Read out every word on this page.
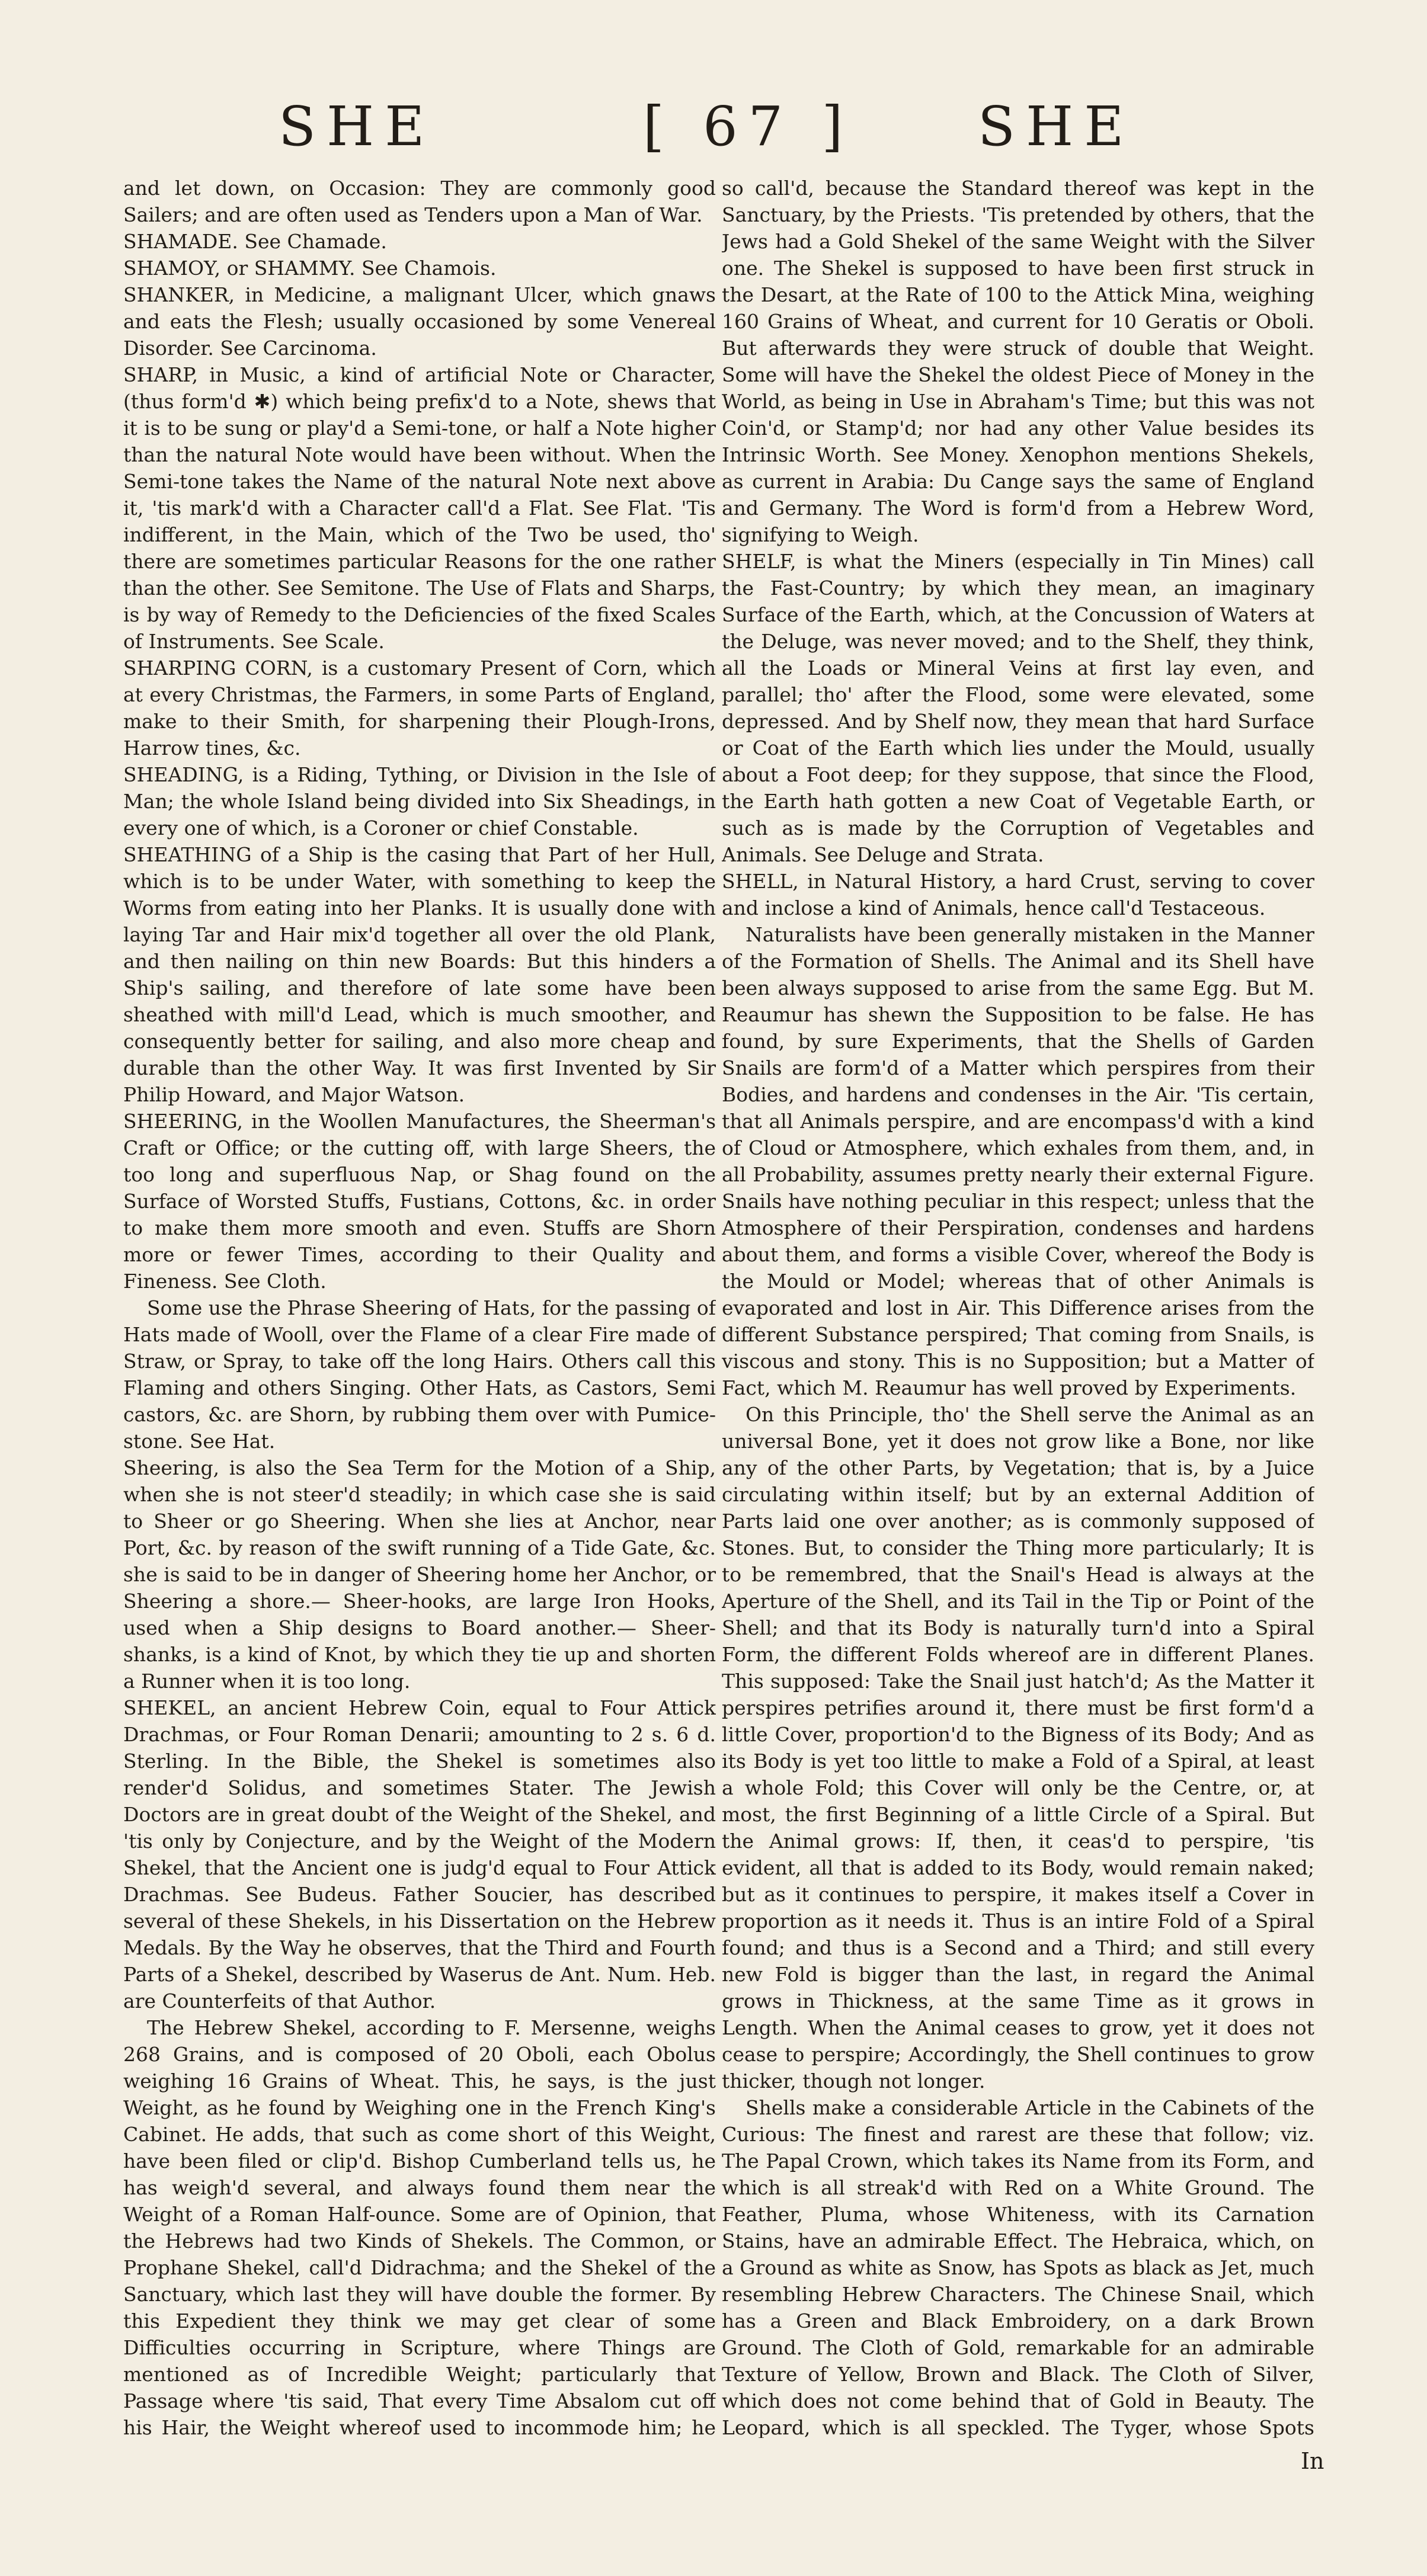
SHE	[ 67 ] SHE

and let down, on Occasion: They are commonly good Sailers; and are often used as Tenders upon a Man of War.

SHAMADE. See Chamade.

SHAMOY, or SHAMMY. See Chamois.

SHANKER, in Medicine, a malignant Ulcer, which gnaws and eats the Flesh; usually occasioned by some Venereal Disorder. See Carcinoma.

SHARP, in Music, a kind of artificial Note or Character, (thus form'd ✱) which being prefix'd to a Note, shews that it is to be sung or play'd a Semi-tone, or half a Note higher than the natural Note would have been without. When the Semi-tone takes the Name of the natural Note next above it, 'tis mark'd with a Character call'd a Flat. See Flat. 'Tis indifferent, in the Main, which of the Two be used, tho' there are sometimes particular Reasons for the one rather than the other. See Semitone. The Use of Flats and Sharps, is by way of Remedy to the Deficiencies of the fixed Scales of Instruments. See Scale.

SHARPING CORN, is a customary Present of Corn, which at every Christmas, the Farmers, in some Parts of England, make to their Smith, for sharpening their Plough-Irons, Harrow tines, &c.

SHEADING, is a Riding, Tything, or Division in the Isle of Man; the whole Island being divided into Six Sheadings, in every one of which, is a Coroner or chief Constable.

SHEATHING of a Ship is the casing that Part of her Hull, which is to be under Water, with something to keep the Worms from eating into her Planks. It is usually done with laying Tar and Hair mix'd together all over the old Plank, and then nailing on thin new Boards: But this hinders a Ship's sailing, and therefore of late some have been sheathed with mill'd Lead, which is much smoother, and consequently better for sailing, and also more cheap and durable than the other Way. It was first Invented by Sir Philip Howard, and Major Watson.

SHEERING, in the Woollen Manufactures, the Sheerman's Craft or Office; or the cutting off, with large Sheers, the too long and superfluous Nap, or Shag found on the Surface of Worsted Stuffs, Fustians, Cottons, &c. in order to make them more smooth and even. Stuffs are Shorn more or fewer Times, according to their Quality and Fineness. See Cloth.

Some use the Phrase Sheering of Hats, for the passing of Hats made of Wooll, over the Flame of a clear Fire made of Straw, or Spray, to take off the long Hairs. Others call this Flaming and others Singing. Other Hats, as Castors, Semi castors, &c. are Shorn, by rubbing them over with Pumice-stone. See Hat.

Sheering, is also the Sea Term for the Motion of a Ship, when she is not steer'd steadily; in which case she is said to Sheer or go Sheering. When she lies at Anchor, near Port, &c. by reason of the swift running of a Tide Gate, &c. she is said to be in danger of Sheering home her Anchor, or Sheering a shore.— Sheer-hooks, are large Iron Hooks, used when a Ship designs to Board another.— Sheer-shanks, is a kind of Knot, by which they tie up and shorten a Runner when it is too long.

SHEKEL, an ancient Hebrew Coin, equal to Four Attick Drachmas, or Four Roman Denarii; amounting to 2 s. 6 d. Sterling. In the Bible, the Shekel is sometimes also render'd Solidus, and sometimes Stater. The Jewish Doctors are in great doubt of the Weight of the Shekel, and 'tis only by Conjecture, and by the Weight of the Modern Shekel, that the Ancient one is judg'd equal to Four Attick Drachmas. See Budeus. Father Soucier, has described several of these Shekels, in his Dissertation on the Hebrew Medals. By the Way he observes, that the Third and Fourth Parts of a Shekel, described by Waserus de Ant. Num. Heb. are Counterfeits of that Author.

The Hebrew Shekel, according to F. Mersenne, weighs 268 Grains, and is composed of 20 Oboli, each Obolus weighing 16 Grains of Wheat. This, he says, is the just Weight, as he found by Weighing one in the French King's Cabinet. He adds, that such as come short of this Weight, have been filed or clip'd. Bishop Cumberland tells us, he has weigh'd several, and always found them near the Weight of a Roman Half-ounce. Some are of Opinion, that the Hebrews had two Kinds of Shekels. The Common, or Prophane Shekel, call'd Didrachma; and the Shekel of the Sanctuary, which last they will have double the former. By this Expedient they think we may get clear of some Difficulties occurring in Scripture, where Things are mentioned as of Incredible Weight; particularly that Passage where 'tis said, That every Time Absalom cut off his Hair, the Weight whereof used to incommode him; he

so call'd, because the Standard thereof was kept in the Sanctuary, by the Priests. 'Tis pretended by others, that the Jews had a Gold Shekel of the same Weight with the Silver one. The Shekel is supposed to have been first struck in the Desart, at the Rate of 100 to the Attick Mina, weighing 160 Grains of Wheat, and current for 10 Geratis or Oboli. But afterwards they were struck of double that Weight. Some will have the Shekel the oldest Piece of Money in the World, as being in Use in Abraham's Time; but this was not Coin'd, or Stamp'd; nor had any other Value besides its Intrinsic Worth. See Money. Xenophon mentions Shekels, as current in Arabia: Du Cange says the same of England and Germany. The Word is form'd from a Hebrew Word, signifying to Weigh.

SHELF, is what the Miners (especially in Tin Mines) call the Fast-Country; by which they mean, an imaginary Surface of the Earth, which, at the Concussion of Waters at the Deluge, was never moved; and to the Shelf, they think, all the Loads or Mineral Veins at first lay even, and parallel; tho' after the Flood, some were elevated, some depressed. And by Shelf now, they mean that hard Surface or Coat of the Earth which lies under the Mould, usually about a Foot deep; for they suppose, that since the Flood, the Earth hath gotten a new Coat of Vegetable Earth, or such as is made by the Corruption of Vegetables and Animals. See Deluge and Strata.

SHELL, in Natural History, a hard Crust, serving to cover and inclose a kind of Animals, hence call'd Testaceous.

Naturalists have been generally mistaken in the Manner of the Formation of Shells. The Animal and its Shell have been always supposed to arise from the same Egg. But M. Reaumur has shewn the Supposition to be false. He has found, by sure Experiments, that the Shells of Garden Snails are form'd of a Matter which perspires from their Bodies, and hardens and condenses in the Air. 'Tis certain, that all Animals perspire, and are encompass'd with a kind of Cloud or Atmosphere, which exhales from them, and, in all Probability, assumes pretty nearly their external Figure. Snails have nothing peculiar in this respect; unless that the Atmosphere of their Perspiration, condenses and hardens about them, and forms a visible Cover, whereof the Body is the Mould or Model; whereas that of other Animals is evaporated and lost in Air. This Difference arises from the different Substance perspired; That coming from Snails, is viscous and stony. This is no Supposition; but a Matter of Fact, which M. Reaumur has well proved by Experiments.

On this Principle, tho' the Shell serve the Animal as an universal Bone, yet it does not grow like a Bone, nor like any of the other Parts, by Vegetation; that is, by a Juice circulating within itself; but by an external Addition of Parts laid one over another; as is commonly supposed of Stones. But, to consider the Thing more particularly; It is to be remembred, that the Snail's Head is always at the Aperture of the Shell, and its Tail in the Tip or Point of the Shell; and that its Body is naturally turn'd into a Spiral Form, the different Folds whereof are in different Planes. This supposed: Take the Snail just hatch'd; As the Matter it perspires petrifies around it, there must be first form'd a little Cover, proportion'd to the Bigness of its Body; And as its Body is yet too little to make a Fold of a Spiral, at least a whole Fold; this Cover will only be the Centre, or, at most, the first Beginning of a little Circle of a Spiral. But the Animal grows: If, then, it ceas'd to perspire, 'tis evident, all that is added to its Body, would remain naked; but as it continues to perspire, it makes itself a Cover in proportion as it needs it. Thus is an intire Fold of a Spiral found; and thus is a Second and a Third; and still every new Fold is bigger than the last, in regard the Animal grows in Thickness, at the same Time as it grows in Length. When the Animal ceases to grow, yet it does not cease to perspire; Accordingly, the Shell continues to grow thicker, though not longer.

Shells make a considerable Article in the Cabinets of the Curious: The finest and rarest are these that follow; viz. The Papal Crown, which takes its Name from its Form, and which is all streak'd with Red on a White Ground. The Feather, Pluma, whose Whiteness, with its Carnation Stains, have an admirable Effect. The Hebraica, which, on a Ground as white as Snow, has Spots as black as Jet, much resembling Hebrew Characters. The Chinese Snail, which has a Green and Black Embroidery, on a dark Brown Ground. The Cloth of Gold, remarkable for an admirable Texture of Yellow, Brown and Black. The Cloth of Silver, which does not come behind that of Gold in Beauty. The Leopard, which is all speckled. The Tyger, whose Spots

In
